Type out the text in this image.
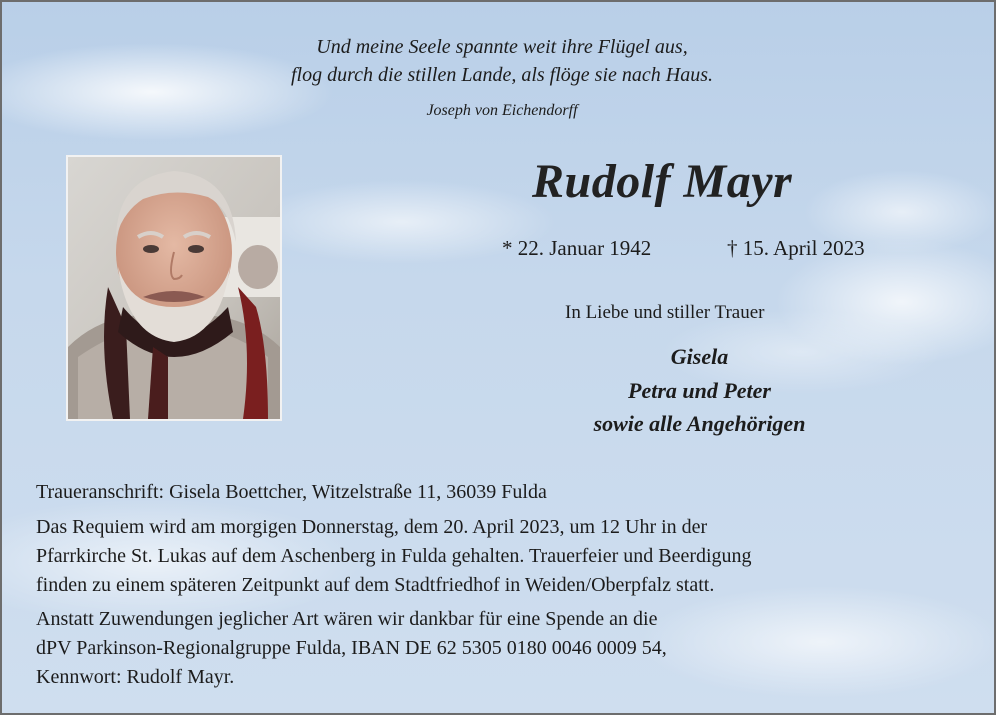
Und meine Seele spannte weit ihre Flügel aus,
flog durch die stillen Lande, als flöge sie nach Haus.
Joseph von Eichendorff
Rudolf Mayr
* 22. Januar 1942	† 15. April 2023
In Liebe und stiller Trauer
Gisela
Petra und Peter
sowie alle Angehörigen
Traueranschrift: Gisela Boettcher, Witzelstraße 11, 36039 Fulda
Das Requiem wird am morgigen Donnerstag, dem 20. April 2023, um 12 Uhr in der
Pfarrkirche St. Lukas auf dem Aschenberg in Fulda gehalten. Trauerfeier und Beerdigung
finden zu einem späteren Zeitpunkt auf dem Stadtfriedhof in Weiden/Oberpfalz statt.
Anstatt Zuwendungen jeglicher Art wären wir dankbar für eine Spende an die
dPV Parkinson-Regionalgruppe Fulda, IBAN DE 62 5305 0180 0046 0009 54,
Kennwort: Rudolf Mayr.
